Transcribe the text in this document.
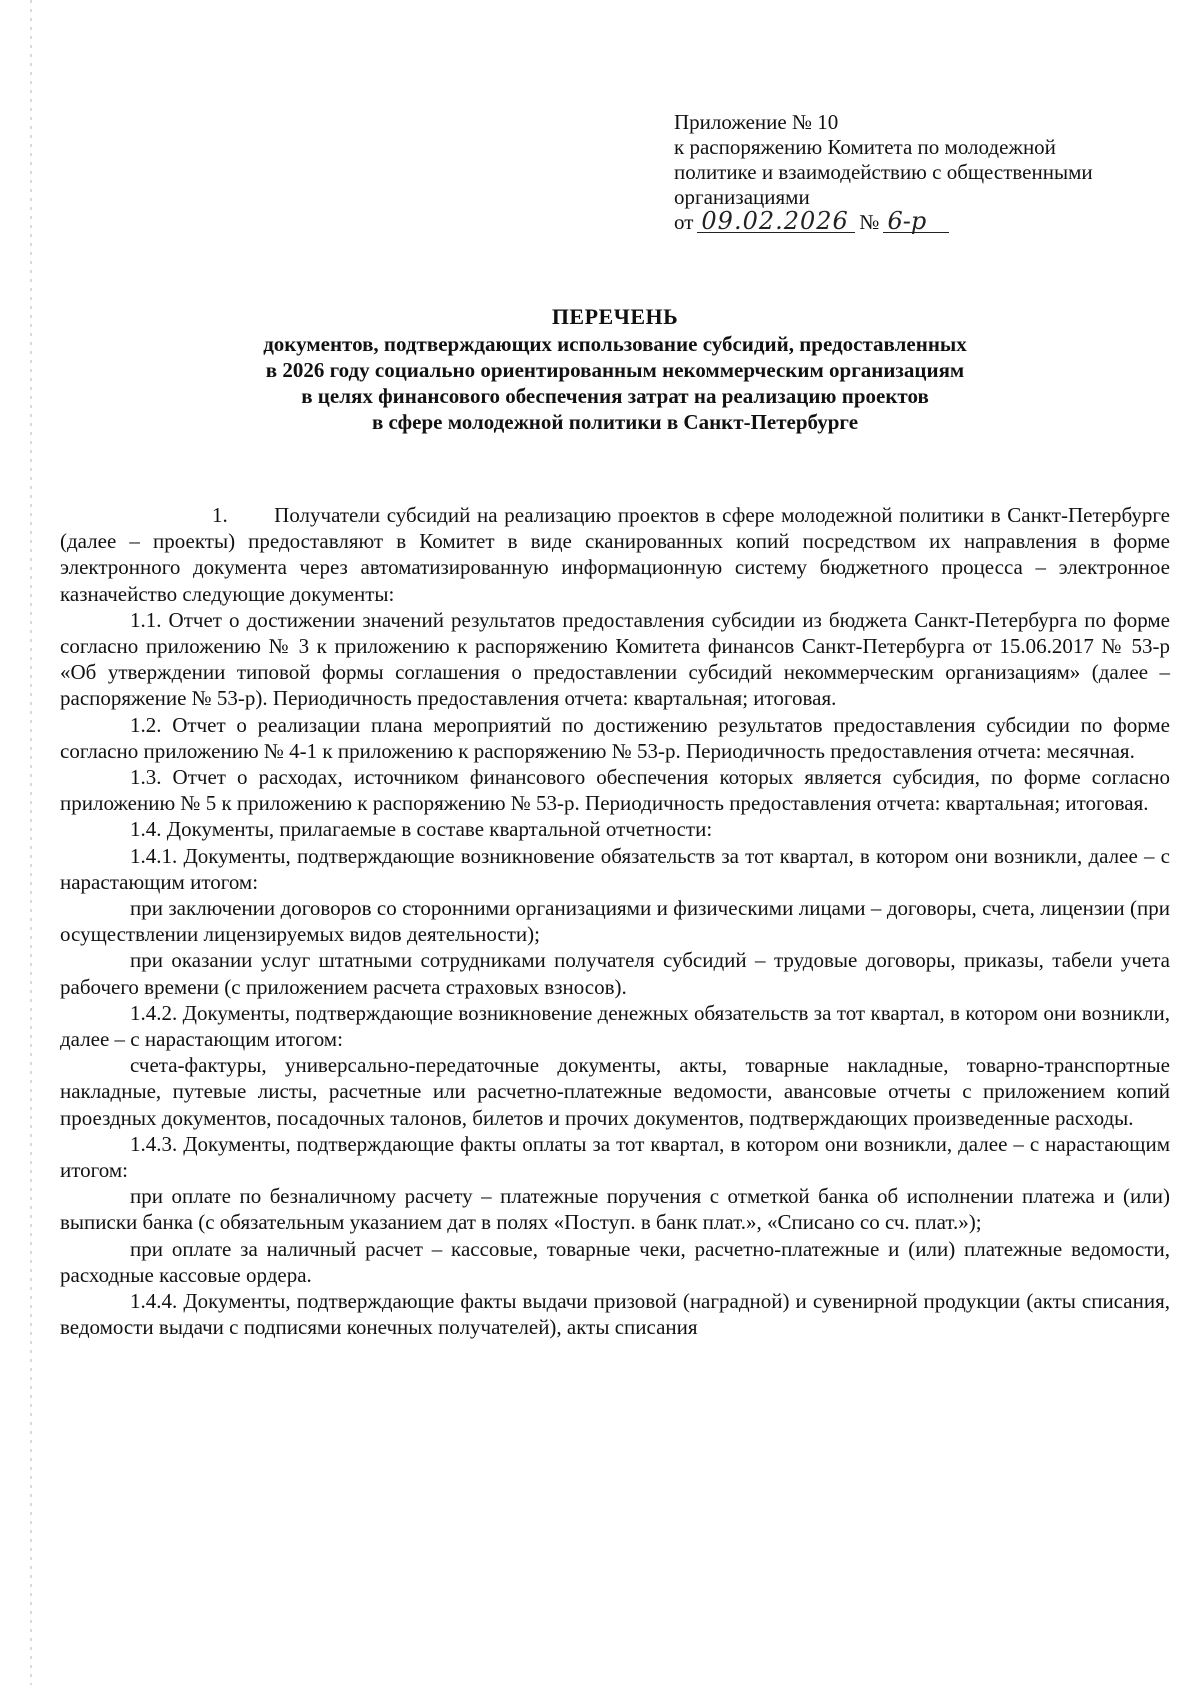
Приложение № 10
к распоряжению Комитета по молодежной
политике и взаимодействию с общественными
организациями
от 09.02.2026 № 6-р
ПЕРЕЧЕНЬ
документов, подтверждающих использование субсидий, предоставленных
в 2026 году социально ориентированным некоммерческим организациям
в целях финансового обеспечения затрат на реализацию проектов
в сфере молодежной политики в Санкт-Петербурге

1.       Получатели субсидий на реализацию проектов в сфере молодежной политики в Санкт-Петербурге (далее – проекты) предоставляют в Комитет в виде сканированных копий посредством их направления в форме электронного документа через автоматизированную информационную систему бюджетного процесса – электронное казначейство следующие документы:

1.1. Отчет о достижении значений результатов предоставления субсидии из бюджета Санкт-Петербурга по форме согласно приложению № 3 к приложению к распоряжению Комитета финансов Санкт-Петербурга от 15.06.2017 № 53-р «Об утверждении типовой формы соглашения о предоставлении субсидий некоммерческим организациям» (далее – распоряжение № 53-р). Периодичность предоставления отчета: квартальная; итоговая.

1.2. Отчет о реализации плана мероприятий по достижению результатов предоставления субсидии по форме согласно приложению № 4-1 к приложению к распоряжению № 53-р. Периодичность предоставления отчета: месячная.

1.3. Отчет о расходах, источником финансового обеспечения которых является субсидия, по форме согласно приложению № 5 к приложению к распоряжению № 53-р. Периодичность предоставления отчета: квартальная; итоговая.

1.4. Документы, прилагаемые в составе квартальной отчетности:

1.4.1. Документы, подтверждающие возникновение обязательств за тот квартал, в котором они возникли, далее – с нарастающим итогом:

при заключении договоров со сторонними организациями и физическими лицами – договоры, счета, лицензии (при осуществлении лицензируемых видов деятельности);

при оказании услуг штатными сотрудниками получателя субсидий – трудовые договоры, приказы, табели учета рабочего времени (с приложением расчета страховых взносов).

1.4.2. Документы, подтверждающие возникновение денежных обязательств за тот квартал, в котором они возникли, далее – с нарастающим итогом:

счета-фактуры, универсально-передаточные документы, акты, товарные накладные, товарно-транспортные накладные, путевые листы, расчетные или расчетно-платежные ведомости, авансовые отчеты с приложением копий проездных документов, посадочных талонов, билетов и прочих документов, подтверждающих произведенные расходы.

1.4.3. Документы, подтверждающие факты оплаты за тот квартал, в котором они возникли, далее – с нарастающим итогом:

при оплате по безналичному расчету – платежные поручения с отметкой банка об исполнении платежа и (или) выписки банка (с обязательным указанием дат в полях «Поступ. в банк плат.», «Списано со сч. плат.»);

при оплате за наличный расчет – кассовые, товарные чеки, расчетно-платежные и (или) платежные ведомости, расходные кассовые ордера.

1.4.4. Документы, подтверждающие факты выдачи призовой (наградной) и сувенирной продукции (акты списания, ведомости выдачи с подписями конечных получателей), акты списания
